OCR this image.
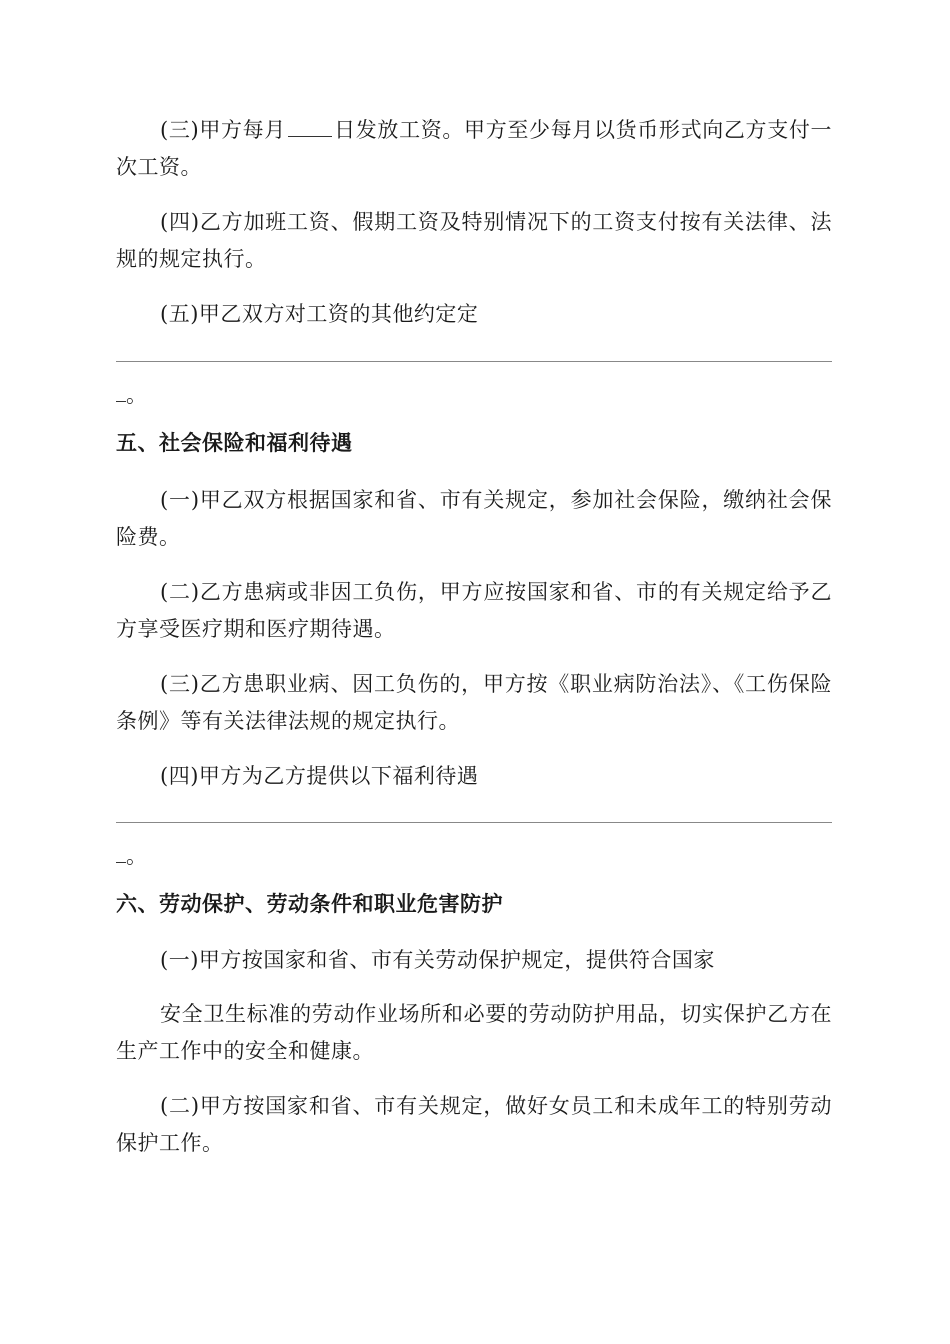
(三)甲方每月 日发放工资。甲方至少每月以货币形式向乙方支付一次工资。

(四)乙方加班工资、假期工资及特别情况下的工资支付按有关法律、法规的规定执行。

(五)甲乙双方对工资的其他约定定

。

五、社会保险和福利待遇

(一)甲乙双方根据国家和省、市有关规定，参加社会保险，缴纳社会保险费。

(二)乙方患病或非因工负伤，甲方应按国家和省、市的有关规定给予乙方享受医疗期和医疗期待遇。

(三)乙方患职业病、因工负伤的，甲方按《职业病防治法》、《工伤保险条例》等有关法律法规的规定执行。

(四)甲方为乙方提供以下福利待遇

。

六、劳动保护、劳动条件和职业危害防护

(一)甲方按国家和省、市有关劳动保护规定，提供符合国家

安全卫生标准的劳动作业场所和必要的劳动防护用品，切实保护乙方在生产工作中的安全和健康。

(二)甲方按国家和省、市有关规定，做好女员工和未成年工的特别劳动保护工作。
